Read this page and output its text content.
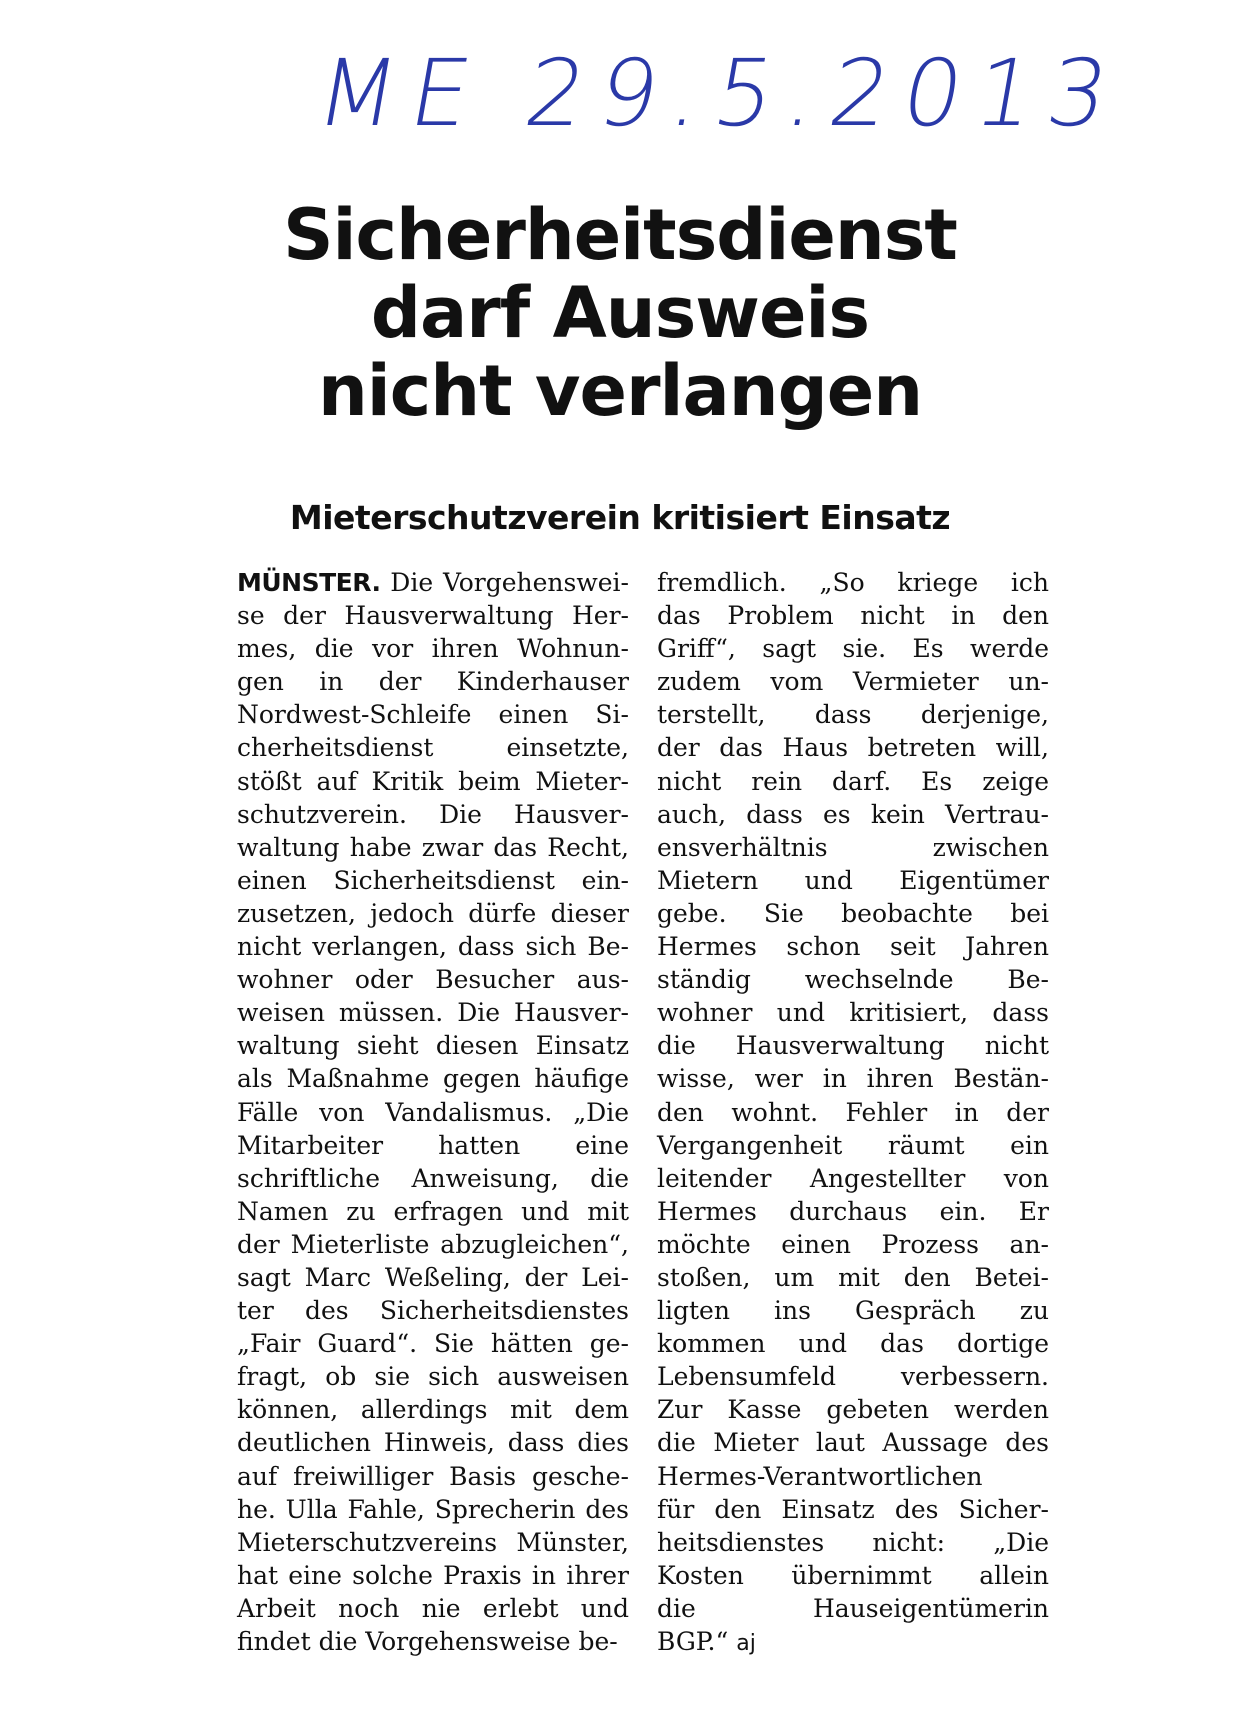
ME 29.5.2013
Sicherheitsdienst
darf Ausweis
nicht verlangen
Mieterschutzverein kritisiert Einsatz
MÜNSTER. Die Vorgehenswei-
se der Hausverwaltung Her-
mes, die vor ihren Wohnun-
gen in der Kinderhauser
Nordwest-Schleife einen Si-
cherheitsdienst einsetzte,
stößt auf Kritik beim Mieter-
schutzverein. Die Hausver-
waltung habe zwar das Recht,
einen Sicherheitsdienst ein-
zusetzen, jedoch dürfe dieser
nicht verlangen, dass sich Be-
wohner oder Besucher aus-
weisen müssen. Die Hausver-
waltung sieht diesen Einsatz
als Maßnahme gegen häufige
Fälle von Vandalismus. „Die
Mitarbeiter hatten eine
schriftliche Anweisung, die
Namen zu erfragen und mit
der Mieterliste abzugleichen“,
sagt Marc Weßeling, der Lei-
ter des Sicherheitsdienstes
„Fair Guard“. Sie hätten ge-
fragt, ob sie sich ausweisen
können, allerdings mit dem
deutlichen Hinweis, dass dies
auf freiwilliger Basis gesche-
he. Ulla Fahle, Sprecherin des
Mieterschutzvereins Münster,
hat eine solche Praxis in ihrer
Arbeit noch nie erlebt und
findet die Vorgehensweise be-
fremdlich. „So kriege ich
das Problem nicht in den
Griff“, sagt sie. Es werde
zudem vom Vermieter un-
terstellt, dass derjenige,
der das Haus betreten will,
nicht rein darf. Es zeige
auch, dass es kein Vertrau-
ensverhältnis zwischen
Mietern und Eigentümer
gebe. Sie beobachte bei
Hermes schon seit Jahren
ständig wechselnde Be-
wohner und kritisiert, dass
die Hausverwaltung nicht
wisse, wer in ihren Bestän-
den wohnt. Fehler in der
Vergangenheit räumt ein
leitender Angestellter von
Hermes durchaus ein. Er
möchte einen Prozess an-
stoßen, um mit den Betei-
ligten ins Gespräch zu
kommen und das dortige
Lebensumfeld verbessern.
Zur Kasse gebeten werden
die Mieter laut Aussage des
Hermes-Verantwortlichen
für den Einsatz des Sicher-
heitsdienstes nicht: „Die
Kosten übernimmt allein
die Hauseigentümerin
BGP.“ aj
